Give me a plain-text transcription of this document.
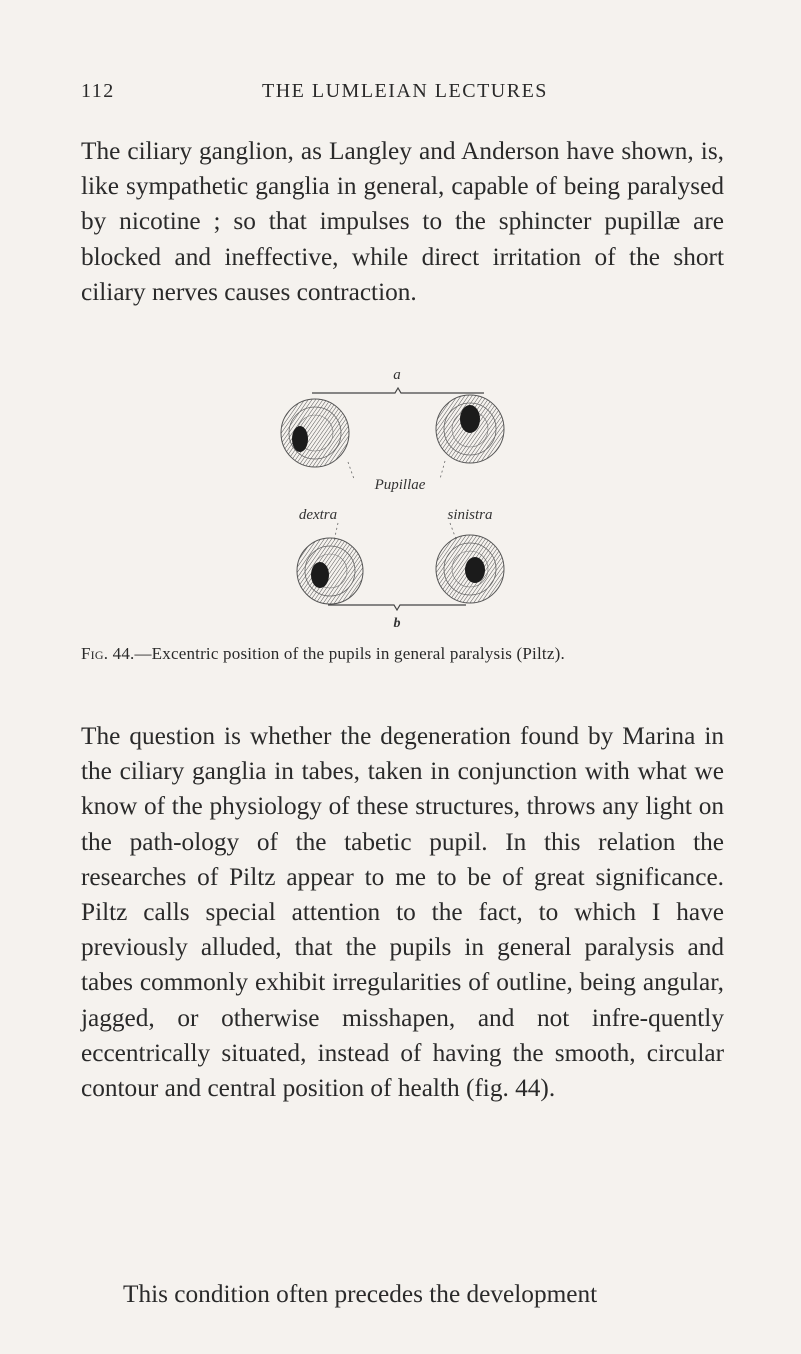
112	THE LUMLEIAN LECTURES

The ciliary ganglion, as Langley and Anderson have shown, is, like sympathetic ganglia in general, capable of being paralysed by nicotine ; so that impulses to the sphincter pupillæ are blocked and ineffective, while direct irritation of the short ciliary nerves causes contraction.

a
Pupillae
dextra	sinistra
b
Fig. 44.—Excentric position of the pupils in general paralysis (Piltz).

The question is whether the degeneration found by Marina in the ciliary ganglia in tabes, taken in conjunction with what we know of the physiology of these structures, throws any light on the path-ology of the tabetic pupil. In this relation the researches of Piltz appear to me to be of great significance. Piltz calls special attention to the fact, to which I have previously alluded, that the pupils in general paralysis and tabes commonly exhibit irregularities of outline, being angular, jagged, or otherwise misshapen, and not infre-quently eccentrically situated, instead of having the smooth, circular contour and central position of health (fig. 44).

This condition often precedes the development
